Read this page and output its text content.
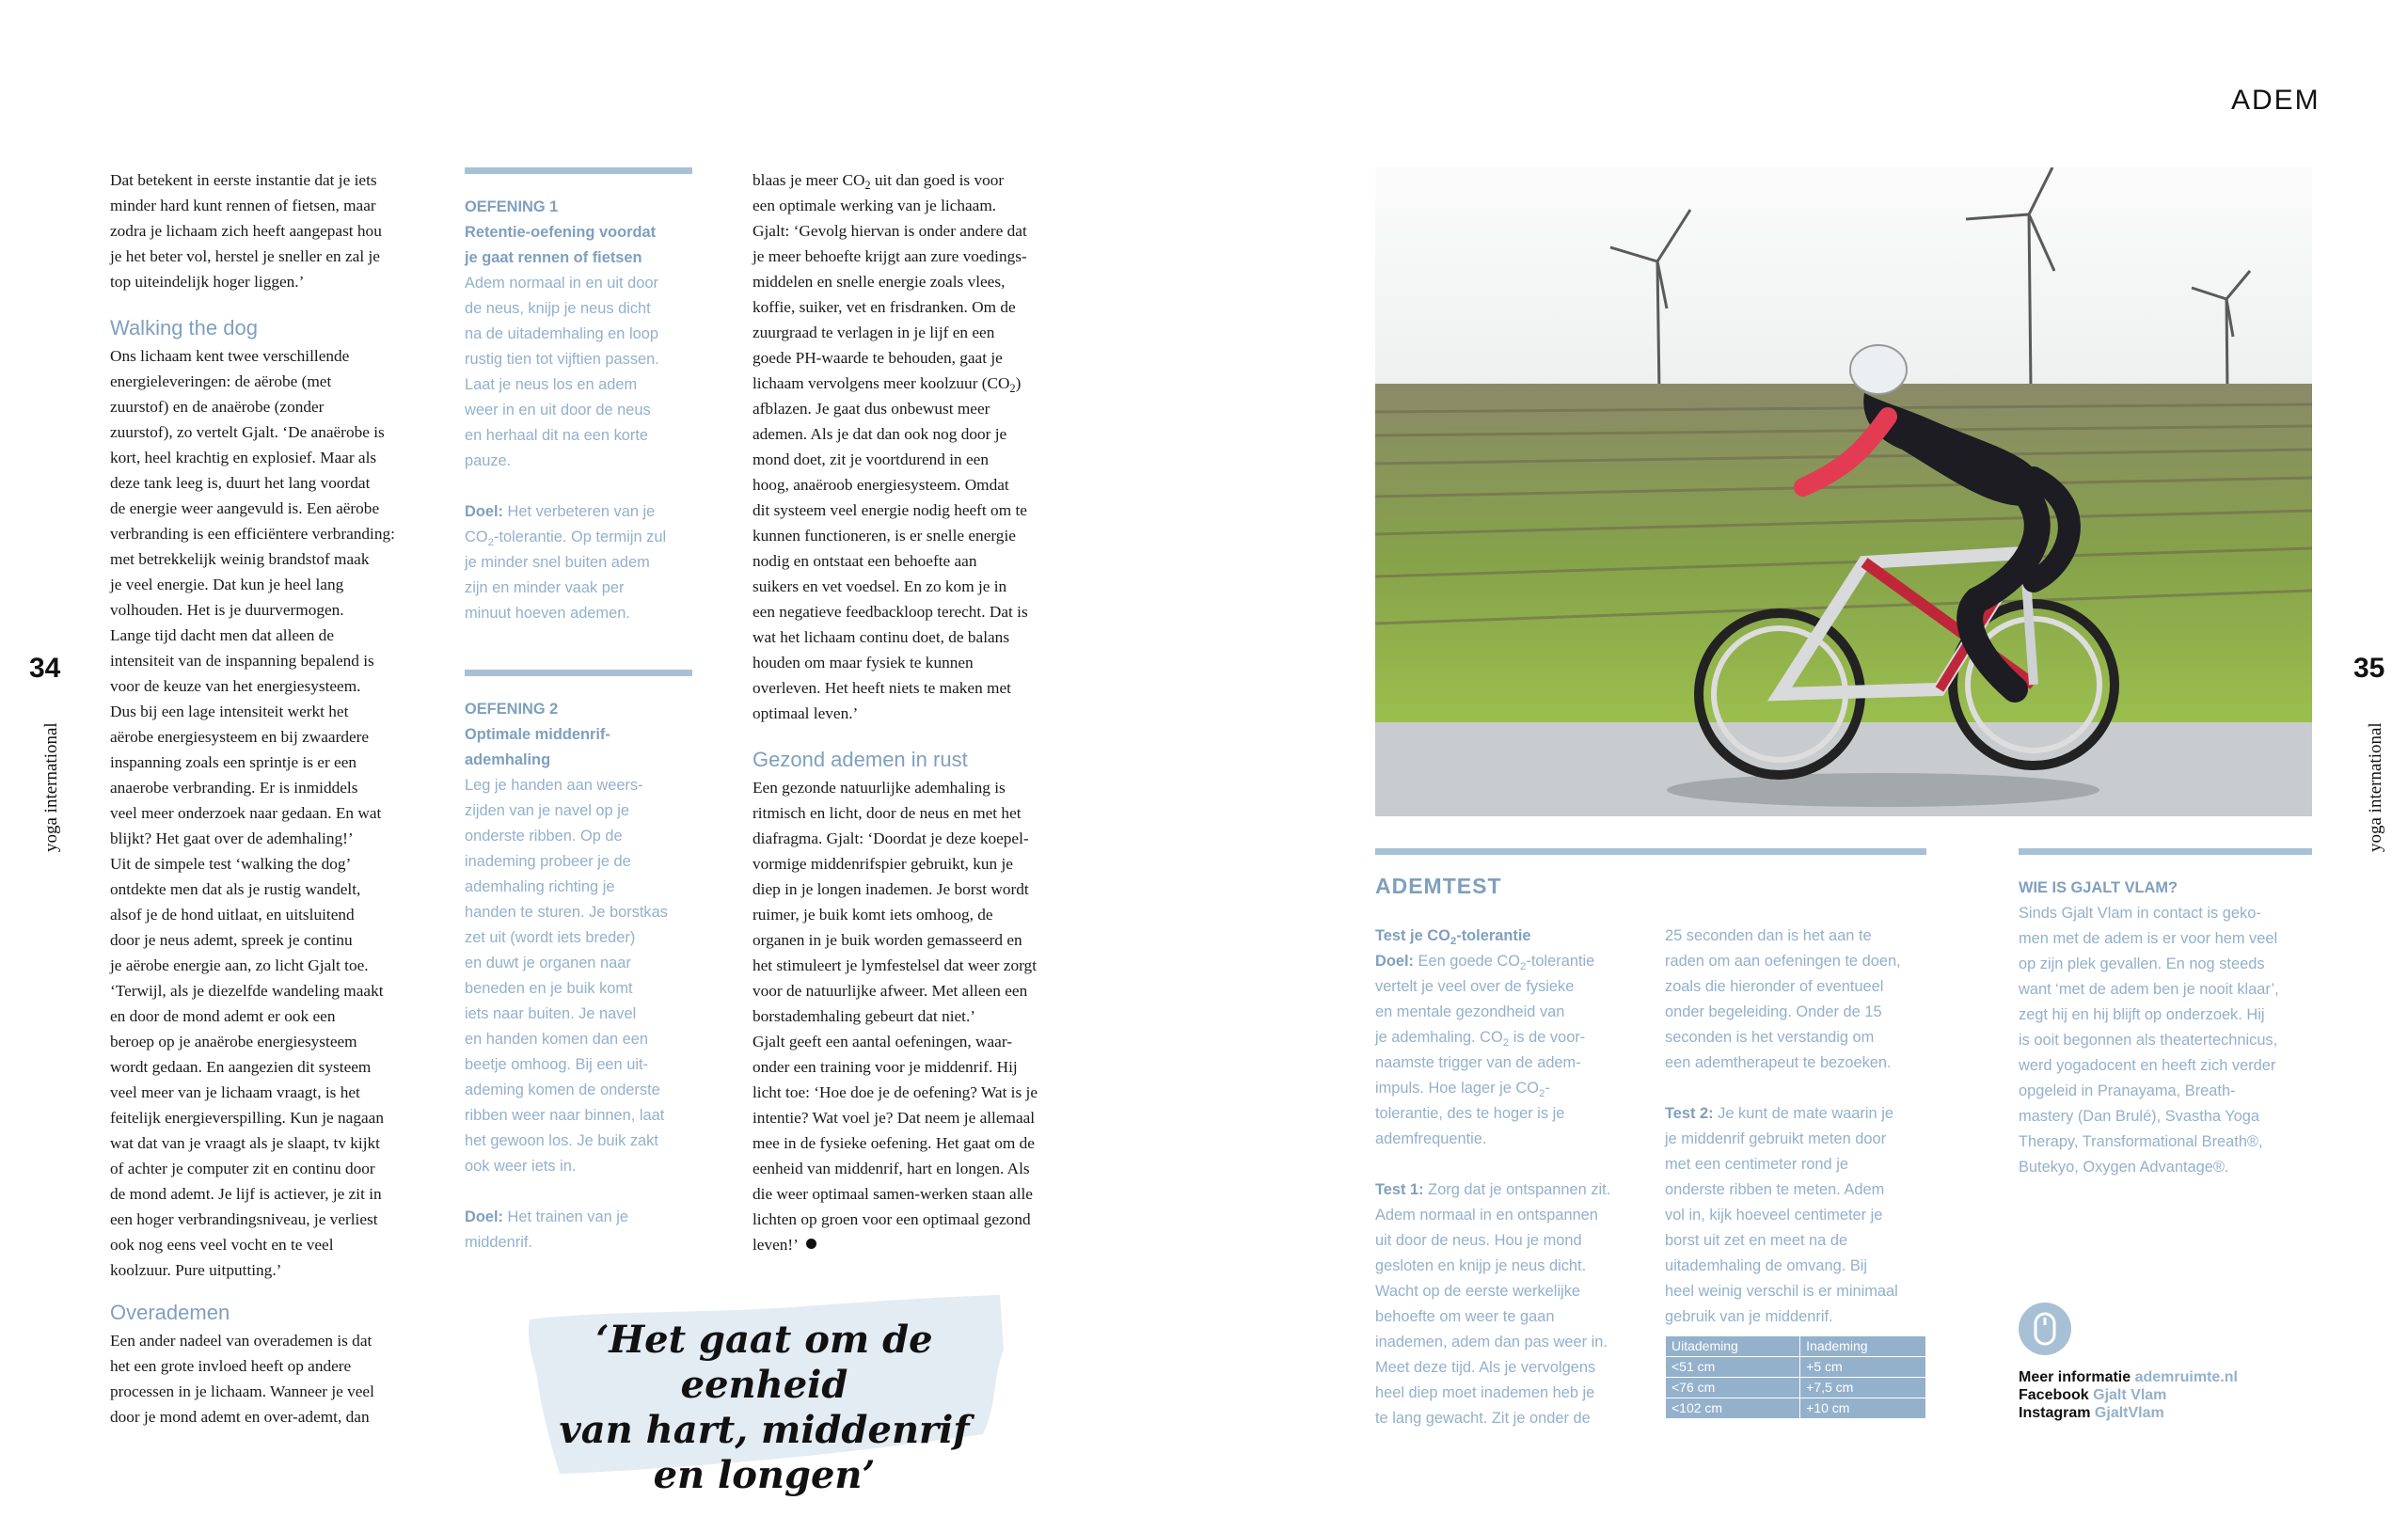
34
yoga international
Dat betekent in eerste instantie dat je iets
minder hard kunt rennen of fietsen, maar
zodra je lichaam zich heeft aangepast hou
je het beter vol, herstel je sneller en zal je
top uiteindelijk hoger liggen.’
Walking the dog
Ons lichaam kent twee verschillende
energieleveringen: de aërobe (met
zuurstof) en de anaërobe (zonder
zuurstof), zo vertelt Gjalt. ‘De anaërobe is
kort, heel krachtig en explosief. Maar als
deze tank leeg is, duurt het lang voordat
de energie weer aangevuld is. Een aërobe
verbranding is een efficiëntere verbranding:
met betrekkelijk weinig brandstof maak
je veel energie. Dat kun je heel lang
volhouden. Het is je duurvermogen.
Lange tijd dacht men dat alleen de
intensiteit van de inspanning bepalend is
voor de keuze van het energiesysteem.
Dus bij een lage intensiteit werkt het
aërobe energiesysteem en bij zwaardere
inspanning zoals een sprintje is er een
anaerobe verbranding. Er is inmiddels
veel meer onderzoek naar gedaan. En wat
blijkt? Het gaat over de ademhaling!’
Uit de simpele test ‘walking the dog’
ontdekte men dat als je rustig wandelt,
alsof je de hond uitlaat, en uitsluitend
door je neus ademt, spreek je continu
je aërobe energie aan, zo licht Gjalt toe.
‘Terwijl, als je diezelfde wandeling maakt
en door de mond ademt er ook een
beroep op je anaërobe energiesysteem
wordt gedaan. En aangezien dit systeem
veel meer van je lichaam vraagt, is het
feitelijk energieverspilling. Kun je nagaan
wat dat van je vraagt als je slaapt, tv kijkt
of achter je computer zit en continu door
de mond ademt. Je lijf is actiever, je zit in
een hoger verbrandingsniveau, je verliest
ook nog eens veel vocht en te veel
koolzuur. Pure uitputting.’
Overademen
Een ander nadeel van overademen is dat
het een grote invloed heeft op andere
processen in je lichaam. Wanneer je veel
door je mond ademt en over-ademt, dan
OEFENING 1
Retentie-oefening voordat
je gaat rennen of fietsen
Adem normaal in en uit door
de neus, knijp je neus dicht
na de uitademhaling en loop
rustig tien tot vijftien passen.
Laat je neus los en adem
weer in en uit door de neus
en herhaal dit na een korte
pauze.
Doel: Het verbeteren van je
$CO_2$-tolerantie. Op termijn zul
je minder snel buiten adem
zijn en minder vaak per
minuut hoeven ademen.
OEFENING 2
Optimale middenrif-
ademhaling
Leg je handen aan weers-
zijden van je navel op je
onderste ribben. Op de
inademing probeer je de
ademhaling richting je
handen te sturen. Je borstkas
zet uit (wordt iets breder)
en duwt je organen naar
beneden en je buik komt
iets naar buiten. Je navel
en handen komen dan een
beetje omhoog. Bij een uit-
ademing komen de onderste
ribben weer naar binnen, laat
het gewoon los. Je buik zakt
ook weer iets in.
Doel: Het trainen van je
middenrif.
blaas je meer $CO_2$ uit dan goed is voor
een optimale werking van je lichaam.
Gjalt: ‘Gevolg hiervan is onder andere dat
je meer behoefte krijgt aan zure voedings-
middelen en snelle energie zoals vlees,
koffie, suiker, vet en frisdranken. Om de
zuurgraad te verlagen in je lijf en een
goede PH-waarde te behouden, gaat je
lichaam vervolgens meer koolzuur $(CO_2)$
afblazen. Je gaat dus onbewust meer
ademen. Als je dat dan ook nog door je
mond doet, zit je voortdurend in een
hoog, anaëroob energiesysteem. Omdat
dit systeem veel energie nodig heeft om te
kunnen functioneren, is er snelle energie
nodig en ontstaat een behoefte aan
suikers en vet voedsel. En zo kom je in
een negatieve feedbackloop terecht. Dat is
wat het lichaam continu doet, de balans
houden om maar fysiek te kunnen
overleven. Het heeft niets te maken met
optimaal leven.’
Gezond ademen in rust
Een gezonde natuurlijke ademhaling is
ritmisch en licht, door de neus en met het
diafragma. Gjalt: ‘Doordat je deze koepel-
vormige middenrifspier gebruikt, kun je
diep in je longen inademen. Je borst wordt
ruimer, je buik komt iets omhoog, de
organen in je buik worden gemasseerd en
het stimuleert je lymfestelsel dat weer zorgt
voor de natuurlijke afweer. Met alleen een
borstademhaling gebeurt dat niet.’
Gjalt geeft een aantal oefeningen, waar-
onder een training voor je middenrif. Hij
licht toe: ‘Hoe doe je de oefening? Wat is je
intentie? Wat voel je? Dat neem je allemaal
mee in de fysieke oefening. Het gaat om de
eenheid van middenrif, hart en longen. Als
die weer optimaal samen-werken staan alle
lichten op groen voor een optimaal gezond
leven!’
‘Het gaat om de eenheid
van hart, middenrif
en longen’
ADEM
35
yoga international
ADEMTEST
Test je $CO_2$-tolerantie
Doel: Een goede $CO_2$-tolerantie
vertelt je veel over de fysieke
en mentale gezondheid van
je ademhaling. $CO_2$ is de voor-
naamste trigger van de adem-
impuls. Hoe lager je $CO_2-$
tolerantie, des te hoger is je
ademfrequentie.
Test 1: Zorg dat je ontspannen zit.
Adem normaal in en ontspannen
uit door de neus. Hou je mond
gesloten en knijp je neus dicht.
Wacht op de eerste werkelijke
behoefte om weer te gaan
inademen, adem dan pas weer in.
Meet deze tijd. Als je vervolgens
heel diep moet inademen heb je
te lang gewacht. Zit je onder de
25 seconden dan is het aan te
raden om aan oefeningen te doen,
zoals die hieronder of eventueel
onder begeleiding. Onder de 15
seconden is het verstandig om
een ademtherapeut te bezoeken.
Test 2: Je kunt de mate waarin je
je middenrif gebruikt meten door
met een centimeter rond je
onderste ribben te meten. Adem
vol in, kijk hoeveel centimeter je
borst uit zet en meet na de
uitademhaling de omvang. Bij
heel weinig verschil is er minimaal
gebruik van je middenrif.
Uitademing	Inademing
<51 cm	+5 cm
<76 cm	+7,5 cm
<102 cm	+10 cm
WIE IS GJALT VLAM?
Sinds Gjalt Vlam in contact is geko-
men met de adem is er voor hem veel
op zijn plek gevallen. En nog steeds
want ‘met de adem ben je nooit klaar’,
zegt hij en hij blijft op onderzoek. Hij
is ooit begonnen als theatertechnicus,
werd yogadocent en heeft zich verder
opgeleid in Pranayama, Breath-
mastery (Dan Brulé), Svastha Yoga
Therapy, Transformational Breath®,
Butekyo, Oxygen Advantage®.
Meer informatie ademruimte.nl
Facebook Gjalt Vlam
Instagram GjaltVlam
